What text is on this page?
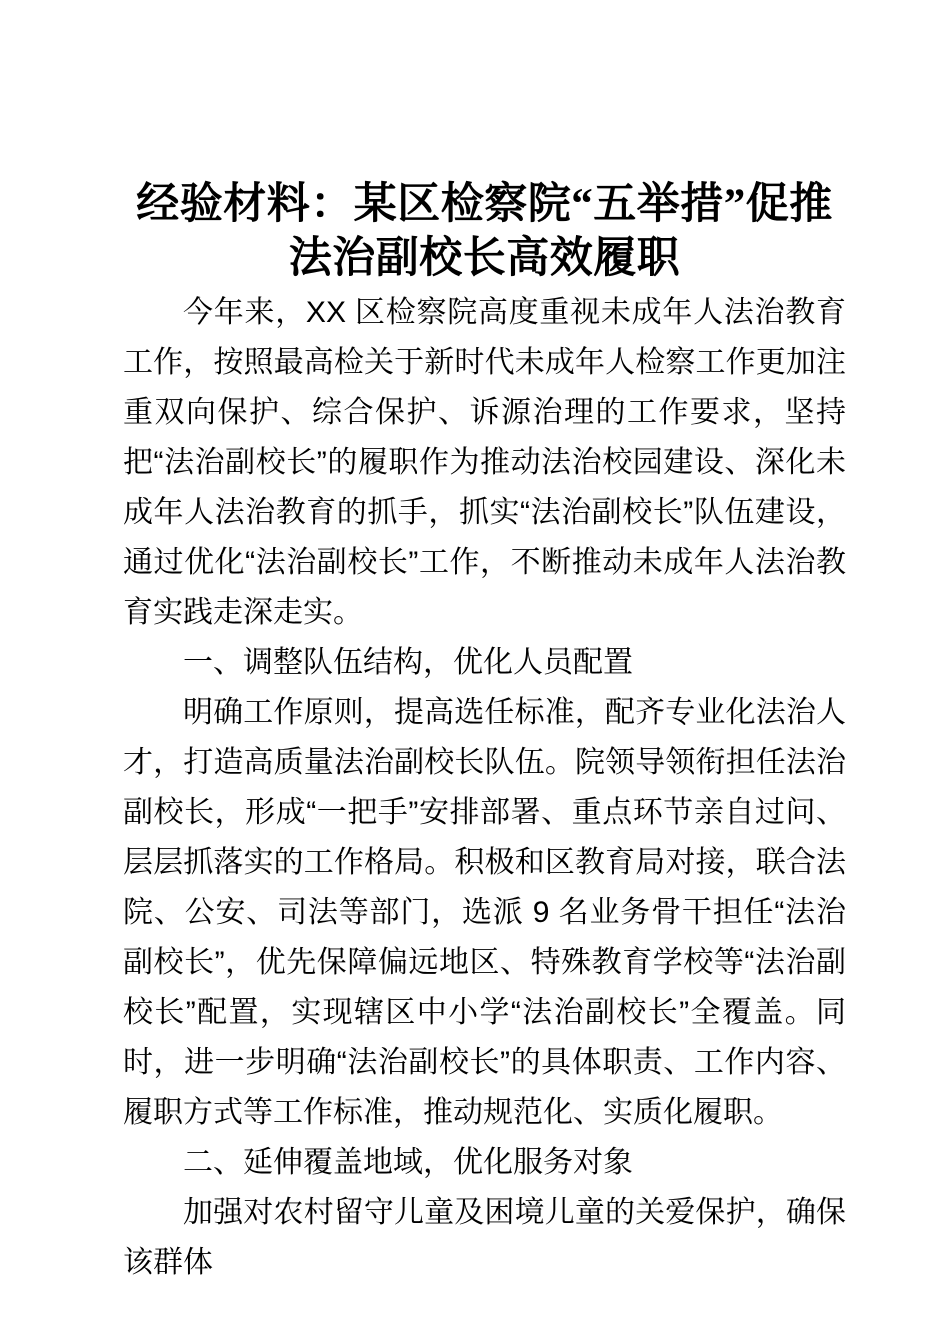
经验材料：某区检察院“五举措”促推法治副校长高效履职

今年来，XX 区检察院高度重视未成年人法治教育工作，按照最高检关于新时代未成年人检察工作更加注重双向保护、综合保护、诉源治理的工作要求，坚持把“法治副校长”的履职作为推动法治校园建设、深化未成年人法治教育的抓手，抓实“法治副校长”队伍建设，通过优化“法治副校长”工作，不断推动未成年人法治教育实践走深走实。

一、调整队伍结构，优化人员配置

明确工作原则，提高选任标准，配齐专业化法治人才，打造高质量法治副校长队伍。院领导领衔担任法治副校长，形成“一把手”安排部署、重点环节亲自过问、层层抓落实的工作格局。积极和区教育局对接，联合法院、公安、司法等部门，选派 9 名业务骨干担任“法治副校长”，优先保障偏远地区、特殊教育学校等“法治副校长”配置，实现辖区中小学“法治副校长”全覆盖。同时，进一步明确“法治副校长”的具体职责、工作内容、履职方式等工作标准，推动规范化、实质化履职。

二、延伸覆盖地域，优化服务对象

加强对农村留守儿童及困境儿童的关爱保护，确保该群体
